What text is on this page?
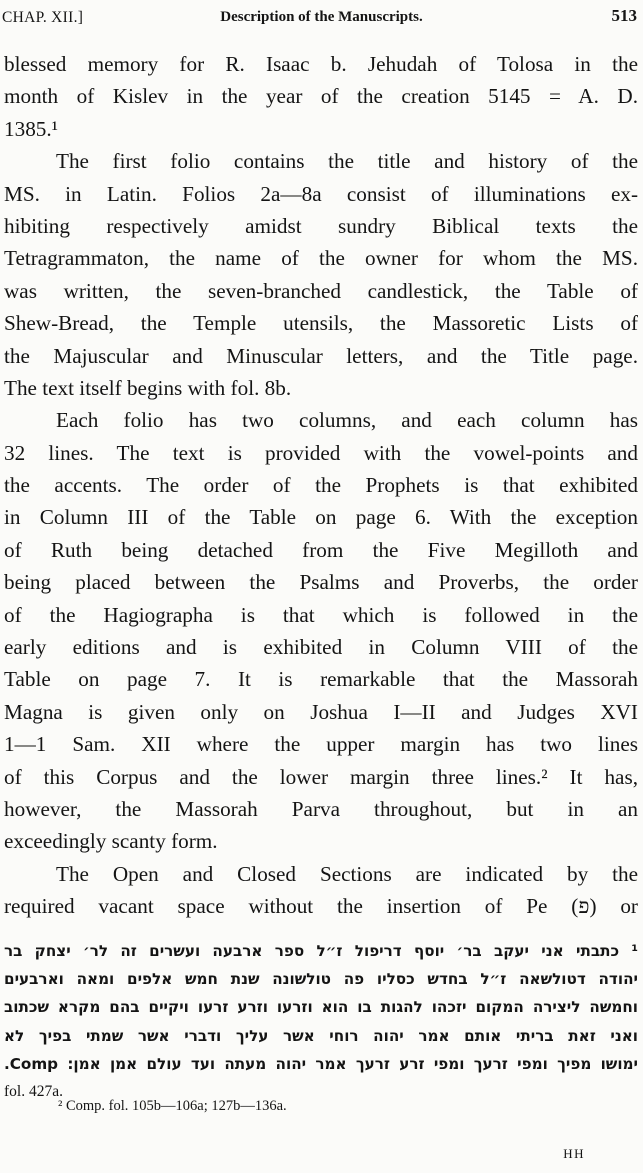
CHAP. XII.]	Description of the Manuscripts.	513
blessed memory for R. Isaac b. Jehudah of Tolosa in the
month of Kislev in the year of the creation 5145 = A. D.
1385.¹
The first folio contains the title and history of the
MS. in Latin. Folios 2a—8a consist of illuminations ex-
hibiting respectively amidst sundry Biblical texts the
Tetragrammaton, the name of the owner for whom the MS.
was written, the seven-branched candlestick, the Table of
Shew-Bread, the Temple utensils, the Massoretic Lists of
the Majuscular and Minuscular letters, and the Title page.
The text itself begins with fol. 8b.
Each folio has two columns, and each column has
32 lines. The text is provided with the vowel-points and
the accents. The order of the Prophets is that exhibited
in Column III of the Table on page 6. With the exception
of Ruth being detached from the Five Megilloth and
being placed between the Psalms and Proverbs, the order
of the Hagiographa is that which is followed in the
early editions and is exhibited in Column VIII of the
Table on page 7. It is remarkable that the Massorah
Magna is given only on Joshua I—II and Judges XVI
1—1 Sam. XII where the upper margin has two lines
of this Corpus and the lower margin three lines.² It has,
however, the Massorah Parva throughout, but in an
exceedingly scanty form.
The Open and Closed Sections are indicated by the
required vacant space without the insertion of Pe (פ) or
¹ כתבתי אני יעקב בר׳ יוסף דריפול ז״ל ספר ארבעה ועשרים זה לר׳ יצחק בר
יהודה דטולשאה ז״ל בחדש כסליו פה טולשונה שנת חמש אלפים ומאה וארבעים
וחמשה ליצירה המקום יזכהו להגות בו הוא וזרעו וזרע זרעו ויקיים בהם מקרא שכתוב
ואני זאת בריתי אותם אמר יהוה רוחי אשר עליך ודברי אשר שמתי בפיך לא
ימושו מפיך ומפי זרעך ומפי זרע זרעך אמר יהוה מעתה ועד עולם אמן אמן: Comp.
fol. 427a.
² Comp. fol. 105b—106a; 127b—136a.
HH
